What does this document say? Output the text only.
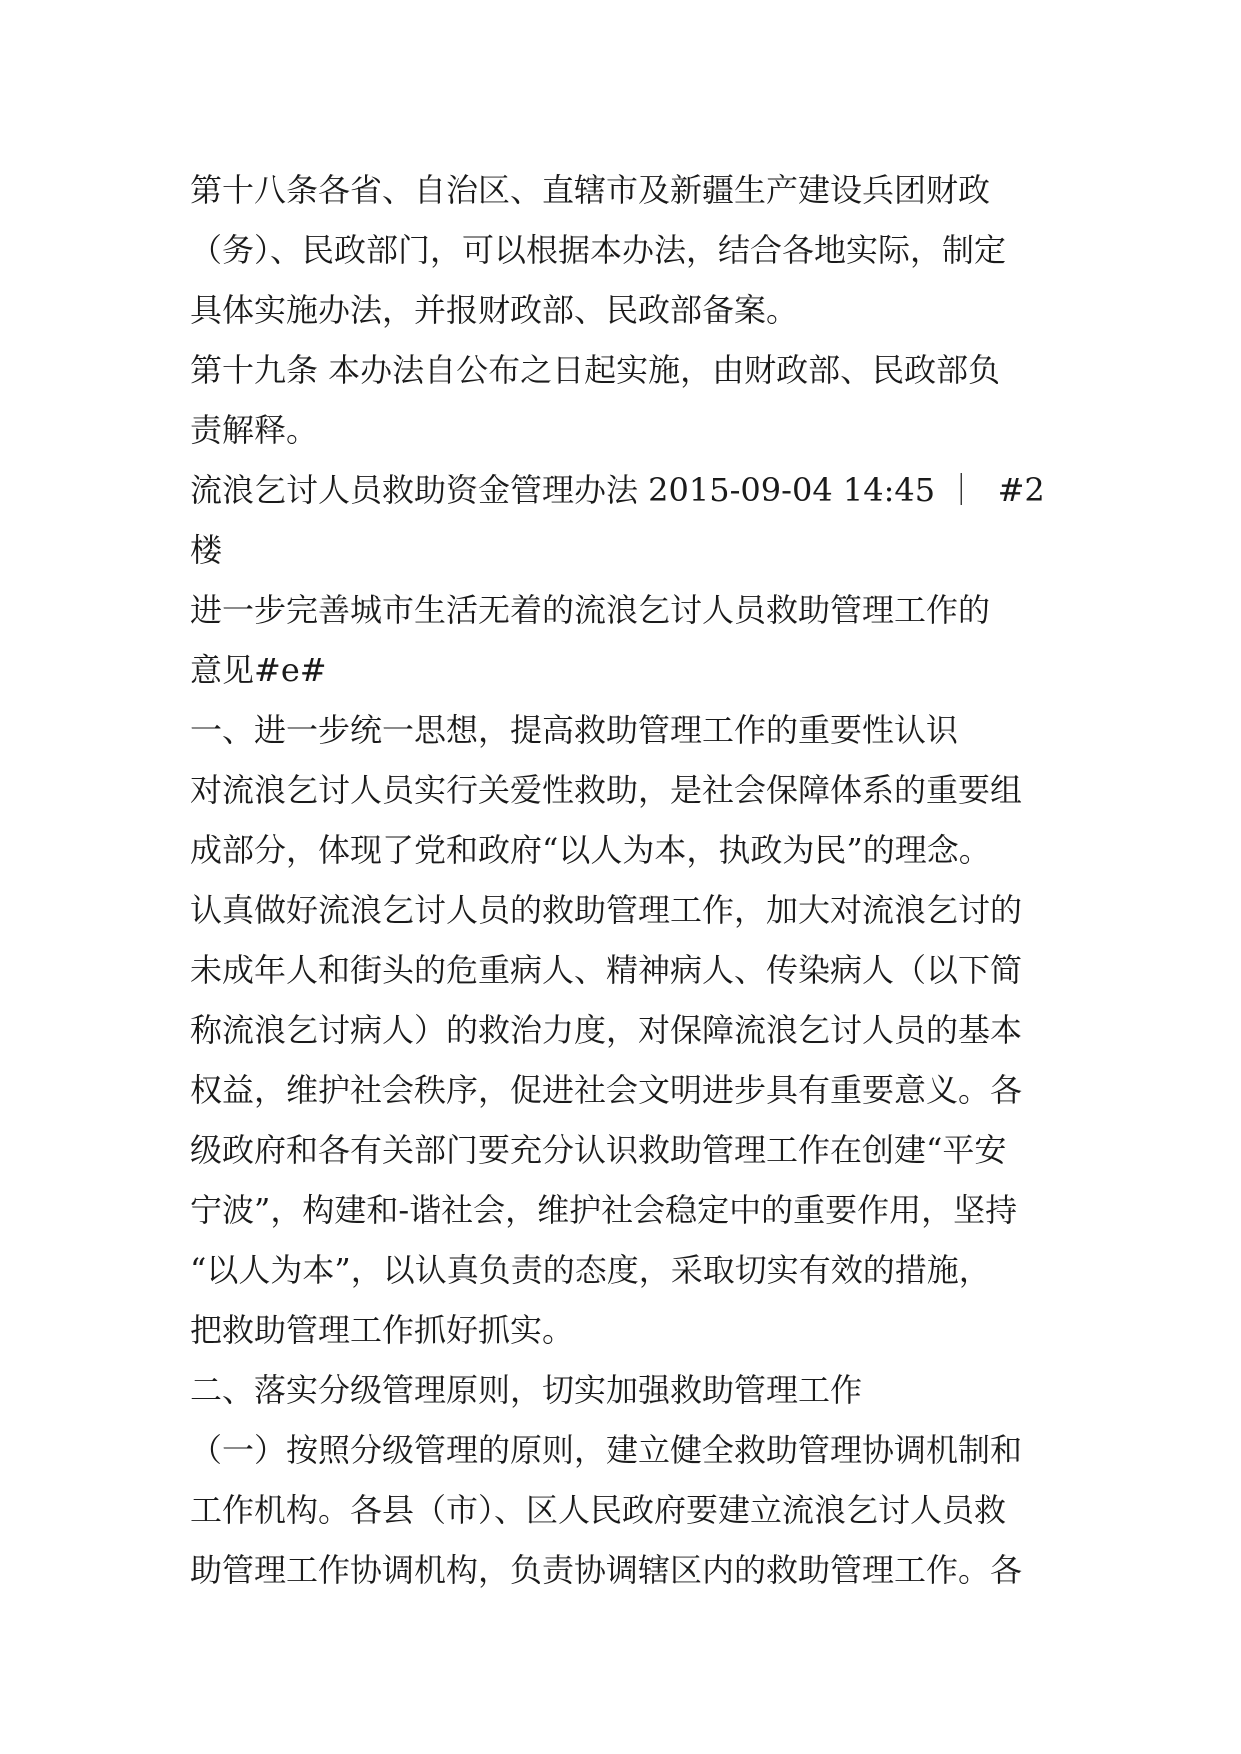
第十八条各省、自治区、直辖市及新疆生产建设兵团财政
（务）、民政部门，可以根据本办法，结合各地实际，制定
具体实施办法，并报财政部、民政部备案。
第十九条 本办法自公布之日起实施，由财政部、民政部负
责解释。
流浪乞讨人员救助资金管理办法 2015-09-04 14:45 ｜  #2
楼
进一步完善城市生活无着的流浪乞讨人员救助管理工作的
意见#e#
一、进一步统一思想，提高救助管理工作的重要性认识
对流浪乞讨人员实行关爱性救助，是社会保障体系的重要组
成部分，体现了党和政府“以人为本，执政为民”的理念。
认真做好流浪乞讨人员的救助管理工作，加大对流浪乞讨的
未成年人和街头的危重病人、精神病人、传染病人（以下简
称流浪乞讨病人）的救治力度，对保障流浪乞讨人员的基本
权益，维护社会秩序，促进社会文明进步具有重要意义。各
级政府和各有关部门要充分认识救助管理工作在创建“平安
宁波”，构建和-谐社会，维护社会稳定中的重要作用，坚持
“以人为本”，以认真负责的态度，采取切实有效的措施，
把救助管理工作抓好抓实。
二、落实分级管理原则，切实加强救助管理工作
（一）按照分级管理的原则，建立健全救助管理协调机制和
工作机构。各县（市）、区人民政府要建立流浪乞讨人员救
助管理工作协调机构，负责协调辖区内的救助管理工作。各
